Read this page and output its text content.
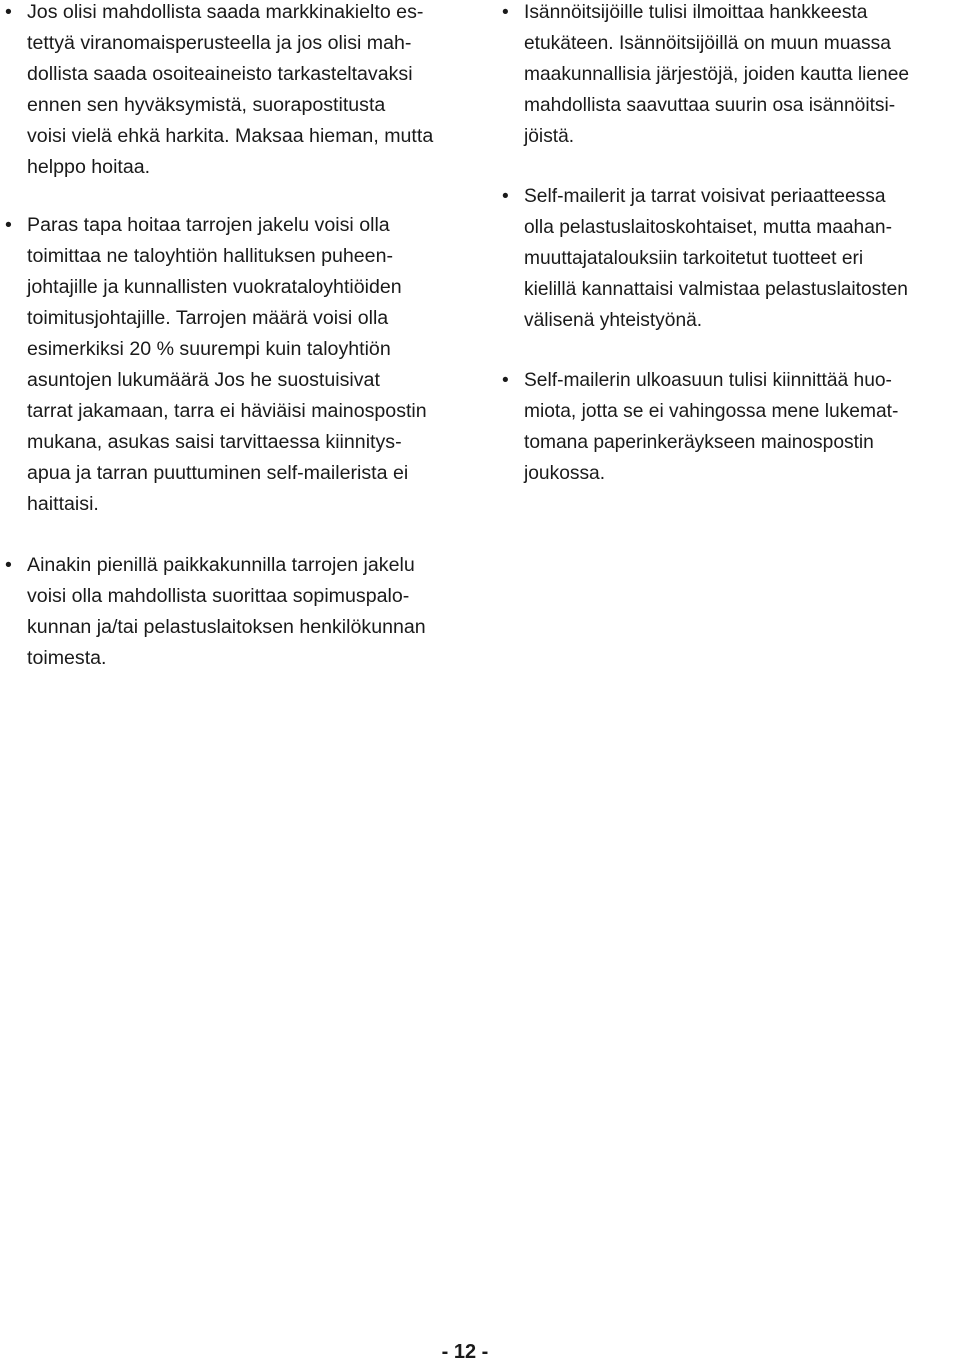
• Jos olisi mahdollista saada markkinakielto es-
tettyä viranomaisperusteella ja jos olisi mah-
dollista saada osoiteaineisto tarkasteltavaksi
ennen sen hyväksymistä, suorapostitusta
voisi vielä ehkä harkita. Maksaa hieman, mutta
helppo hoitaa.
• Paras tapa hoitaa tarrojen jakelu voisi olla
toimittaa ne taloyhtiön hallituksen puheen-
johtajille ja kunnallisten vuokrataloyhtiöiden
toimitusjohtajille. Tarrojen määrä voisi olla
esimerkiksi 20 % suurempi kuin taloyhtiön
asuntojen lukumäärä Jos he suostuisivat
tarrat jakamaan, tarra ei häviäisi mainospostin
mukana, asukas saisi tarvittaessa kiinnitys-
apua ja tarran puuttuminen self-mailerista ei
haittaisi.
• Ainakin pienillä paikkakunnilla tarrojen jakelu
voisi olla mahdollista suorittaa sopimuspalo-
kunnan ja/tai pelastuslaitoksen henkilökunnan
toimesta.
• Isännöitsijöille tulisi ilmoittaa hankkeesta
etukäteen. Isännöitsijöillä on muun muassa
maakunnallisia järjestöjä, joiden kautta lienee
mahdollista saavuttaa suurin osa isännöitsi-
jöistä.
• Self-mailerit ja tarrat voisivat periaatteessa
olla pelastuslaitoskohtaiset, mutta maahan-
muuttajatalouksiin tarkoitetut tuotteet eri
kielillä kannattaisi valmistaa pelastuslaitosten
välisenä yhteistyönä.
• Self-mailerin ulkoasuun tulisi kiinnittää huo-
miota, jotta se ei vahingossa mene lukemat-
tomana paperinkeräykseen mainospostin
joukossa.
- 12 -
